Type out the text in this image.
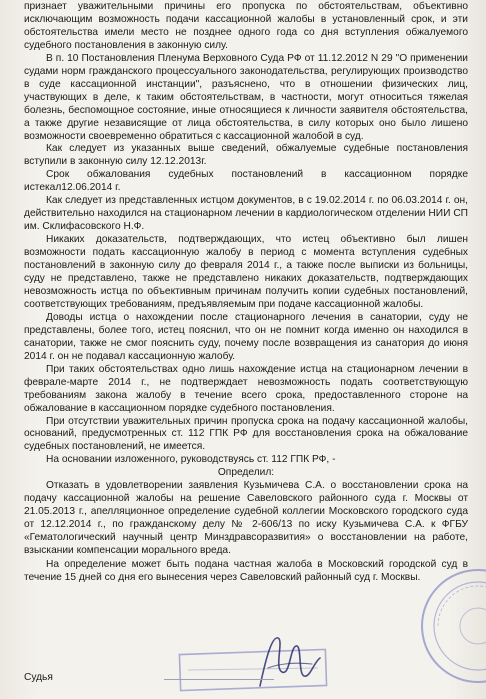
признает уважительными причины его пропуска по обстоятельствам, объективно исключающим возможность подачи кассационной жалобы в установленный срок, и эти обстоятельства имели место не позднее одного года со дня вступления обжалуемого судебного постановления в законную силу.

В п. 10 Постановления Пленума Верховного Суда РФ от 11.12.2012 N 29 "О применении судами норм гражданского процессуального законодательства, регулирующих производство в суде кассационной инстанции", разъяснено, что в отношении физических лиц, участвующих в деле, к таким обстоятельствам, в частности, могут относиться тяжелая болезнь, беспомощное состояние, иные относящиеся к личности заявителя обстоятельства, а также другие независящие от лица обстоятельства, в силу которых оно было лишено возможности своевременно обратиться с кассационной жалобой в суд.

Как следует из указанных выше сведений, обжалуемые судебные постановления вступили в законную силу 12.12.2013г.

Срок обжалования судебных постановлений в кассационном порядке истекал12.06.2014 г.

Как следует из представленных истцом документов, в с 19.02.2014 г. по 06.03.2014 г. он, действительно находился на стационарном лечении в кардиологическом отделении НИИ СП им. Склифасовского Н.Ф.

Никаких доказательств, подтверждающих, что истец объективно был лишен возможности подать кассационную жалобу в период с момента вступления судебных постановлений в законную силу до февраля 2014 г., а также после выписки из больницы, суду не представлено, также не представлено никаких доказательств, подтверждающих невозможность истца по объективным причинам получить копии судебных постановлений, соответствующих требованиям, предъявляемым при подаче кассационной жалобы.

Доводы истца о нахождении после стационарного лечения в санатории, суду не представлены, более того, истец пояснил, что он не помнит когда именно он находился в санатории, также не смог пояснить суду, почему после возвращения из санатория до июня 2014 г. он не подавал кассационную жалобу.

При таких обстоятельствах одно лишь нахождение истца на стационарном лечении в феврале-марте 2014 г., не подтверждает невозможность подать соответствующую требованиям закона жалобу в течение всего срока, предоставленного стороне на обжалование в кассационном порядке судебного постановления.

При отсутствии уважительных причин пропуска срока на подачу кассационной жалобы, оснований, предусмотренных ст. 112 ГПК РФ для восстановления срока на обжалование судебных постановлений, не имеется.

На основании изложенного, руководствуясь ст. 112 ГПК РФ, -

Определил:

Отказать в удовлетворении заявления Кузьмичева С.А. о восстановлении срока на подачу кассационной жалобы на решение Савеловского районного суда г. Москвы от 21.05.2013 г., апелляционное определение судебной коллегии Московского городского суда от 12.12.2014 г., по гражданскому делу № 2-606/13 по иску Кузьмичева С.А. к ФГБУ «Гематологический научный центр Минздравсоразвития» о восстановлении на работе, взыскании компенсации морального вреда.

На определение может быть подана частная жалоба в Московский городской суд в течение 15 дней со дня его вынесения через Савеловский районный суд г. Москвы.

Судья
